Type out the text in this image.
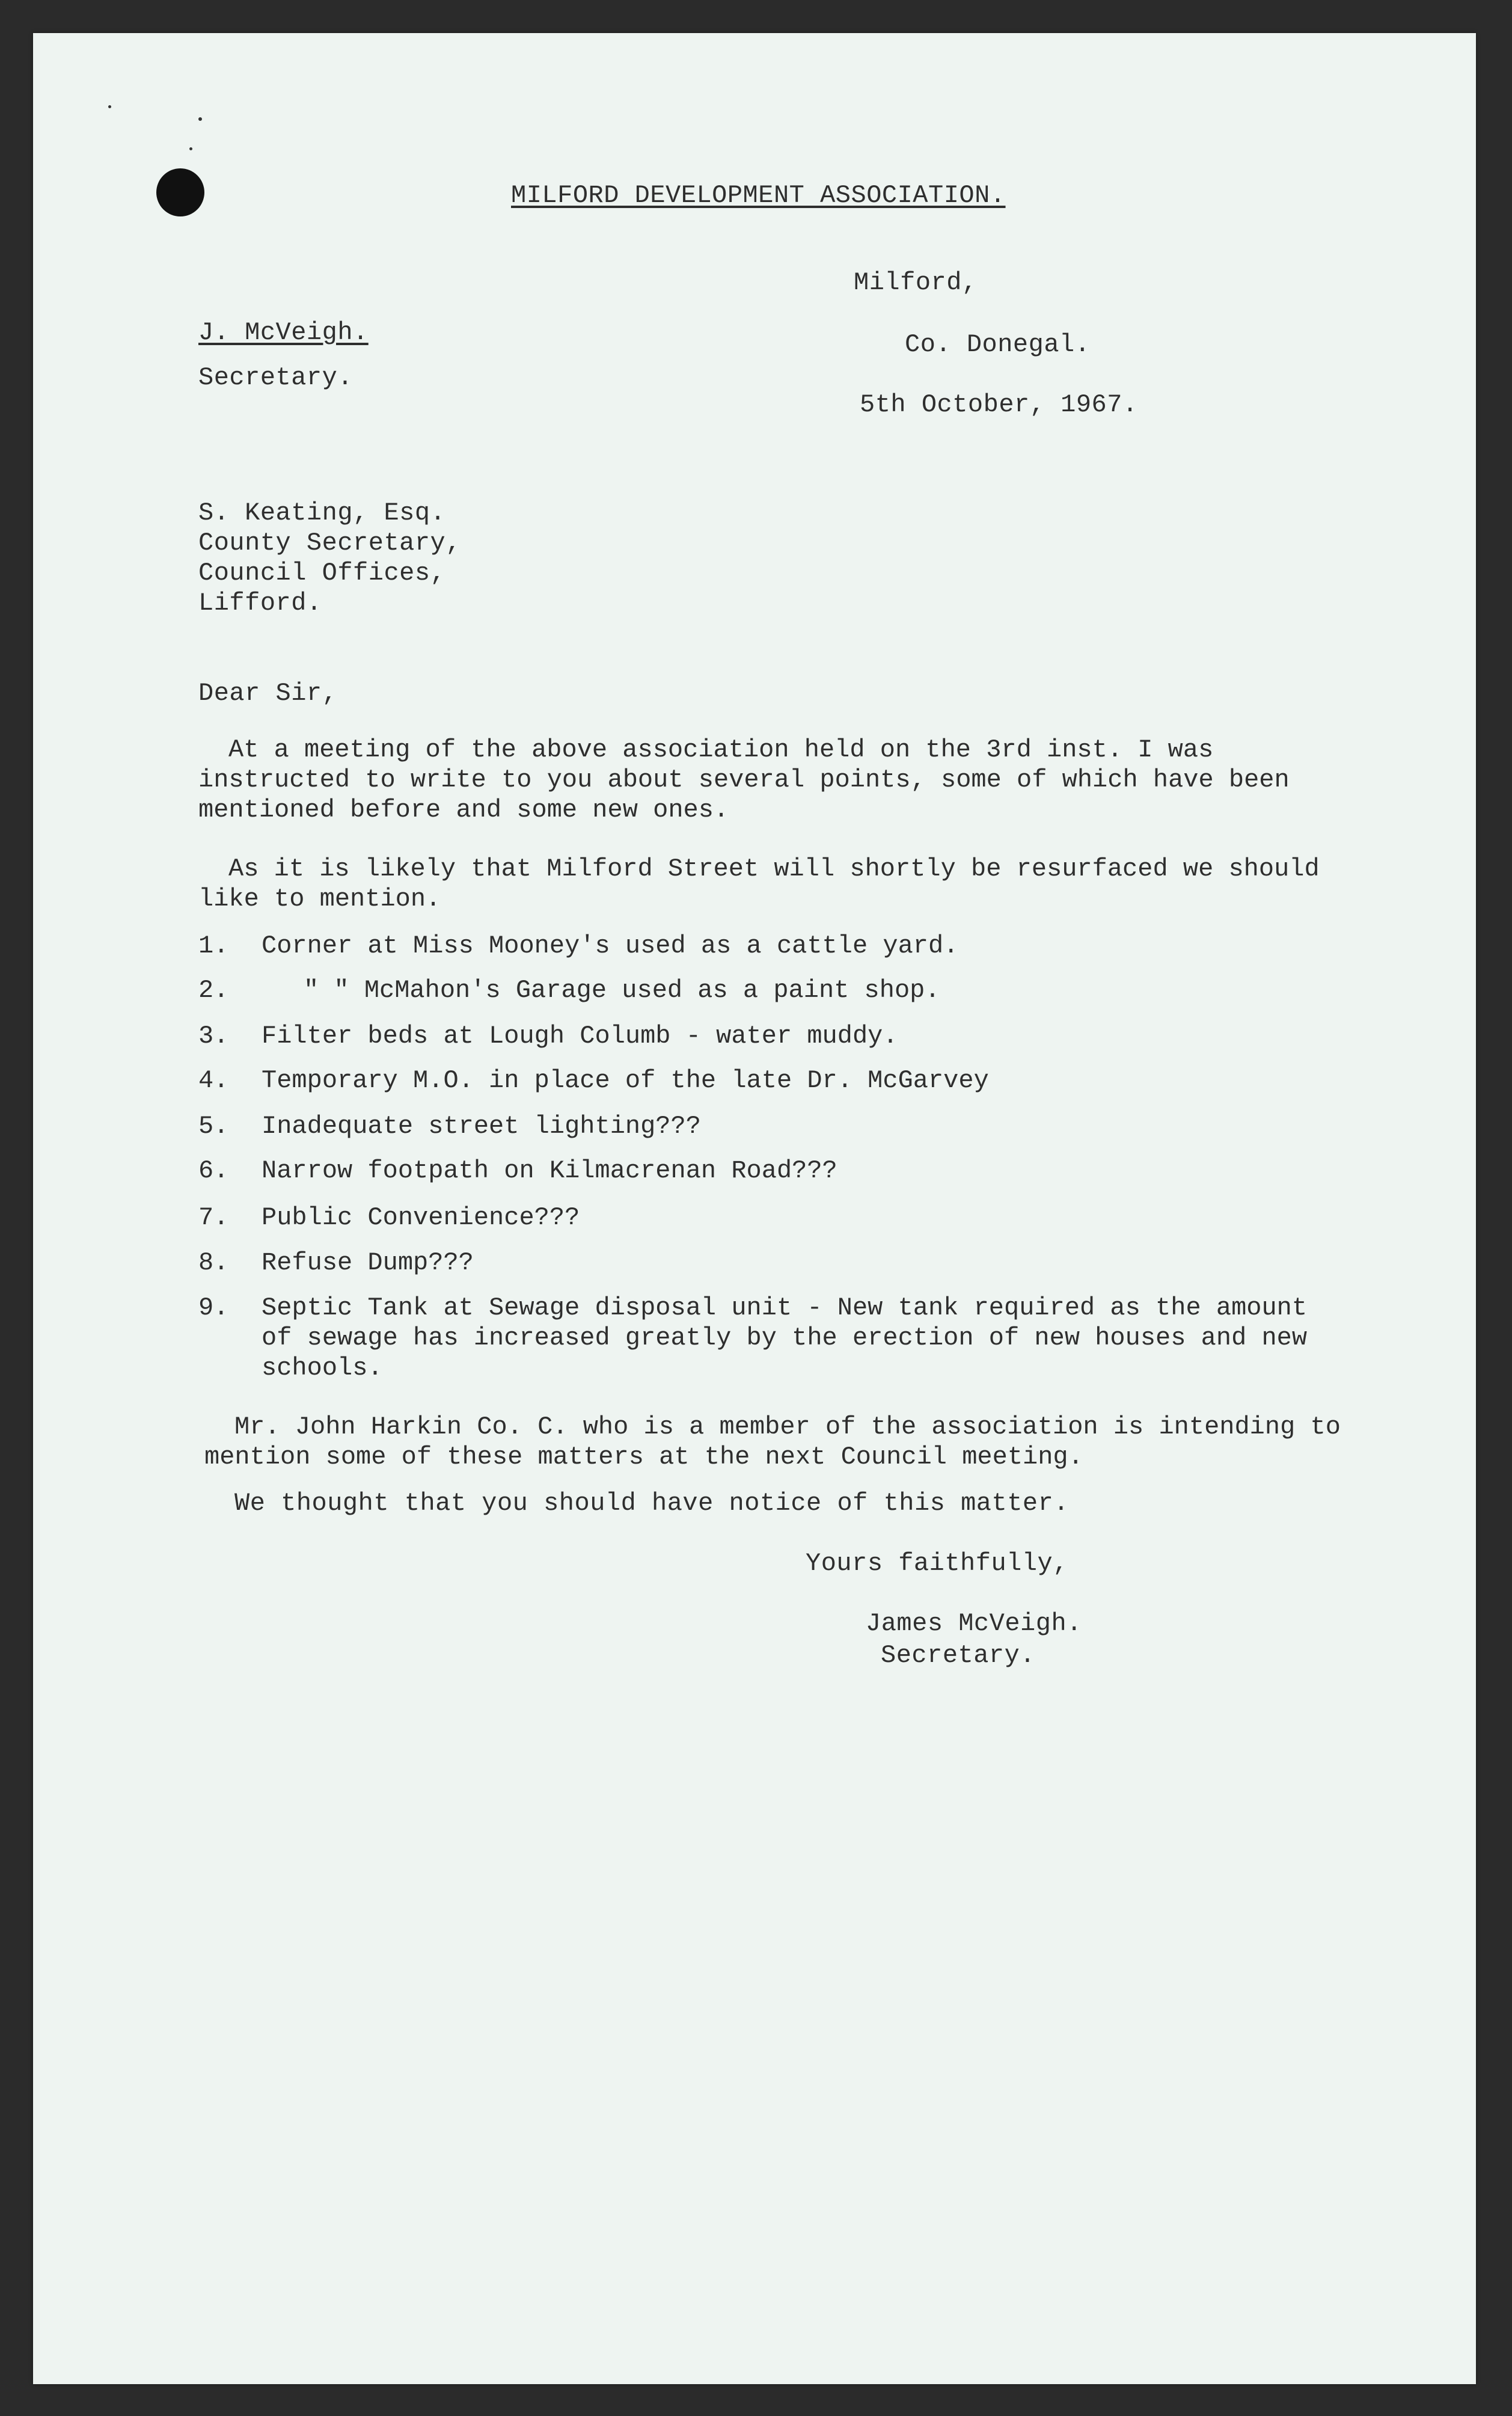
MILFORD DEVELOPMENT ASSOCIATION.
Milford,
Co. Donegal.
5th October, 1967.
J. McVeigh.
Secretary.
S. Keating, Esq.
County Secretary,
Council Offices,
Lifford.
Dear Sir,
At a meeting of the above association held on the 3rd inst. I was
instructed to write to you about several points, some of which have been
mentioned before and some new ones.
As it is likely that Milford Street will shortly be resurfaced we should
like to mention.
1. Corner at Miss Mooney's used as a cattle yard.
2.	" " McMahon's Garage used as a paint shop.
3. Filter beds at Lough Columb - water muddy.
4. Temporary M.O. in place of the late Dr. McGarvey
5. Inadequate street lighting???
6. Narrow footpath on Kilmacrenan Road???
7. Public Convenience???
8. Refuse Dump???
9. Septic Tank at Sewage disposal unit - New tank required as the amount
of sewage has increased greatly by the erection of new houses and new
schools.
Mr. John Harkin Co. C. who is a member of the association is intending to
mention some of these matters at the next Council meeting.
We thought that you should have notice of this matter.
Yours faithfully,
James McVeigh.
Secretary.
